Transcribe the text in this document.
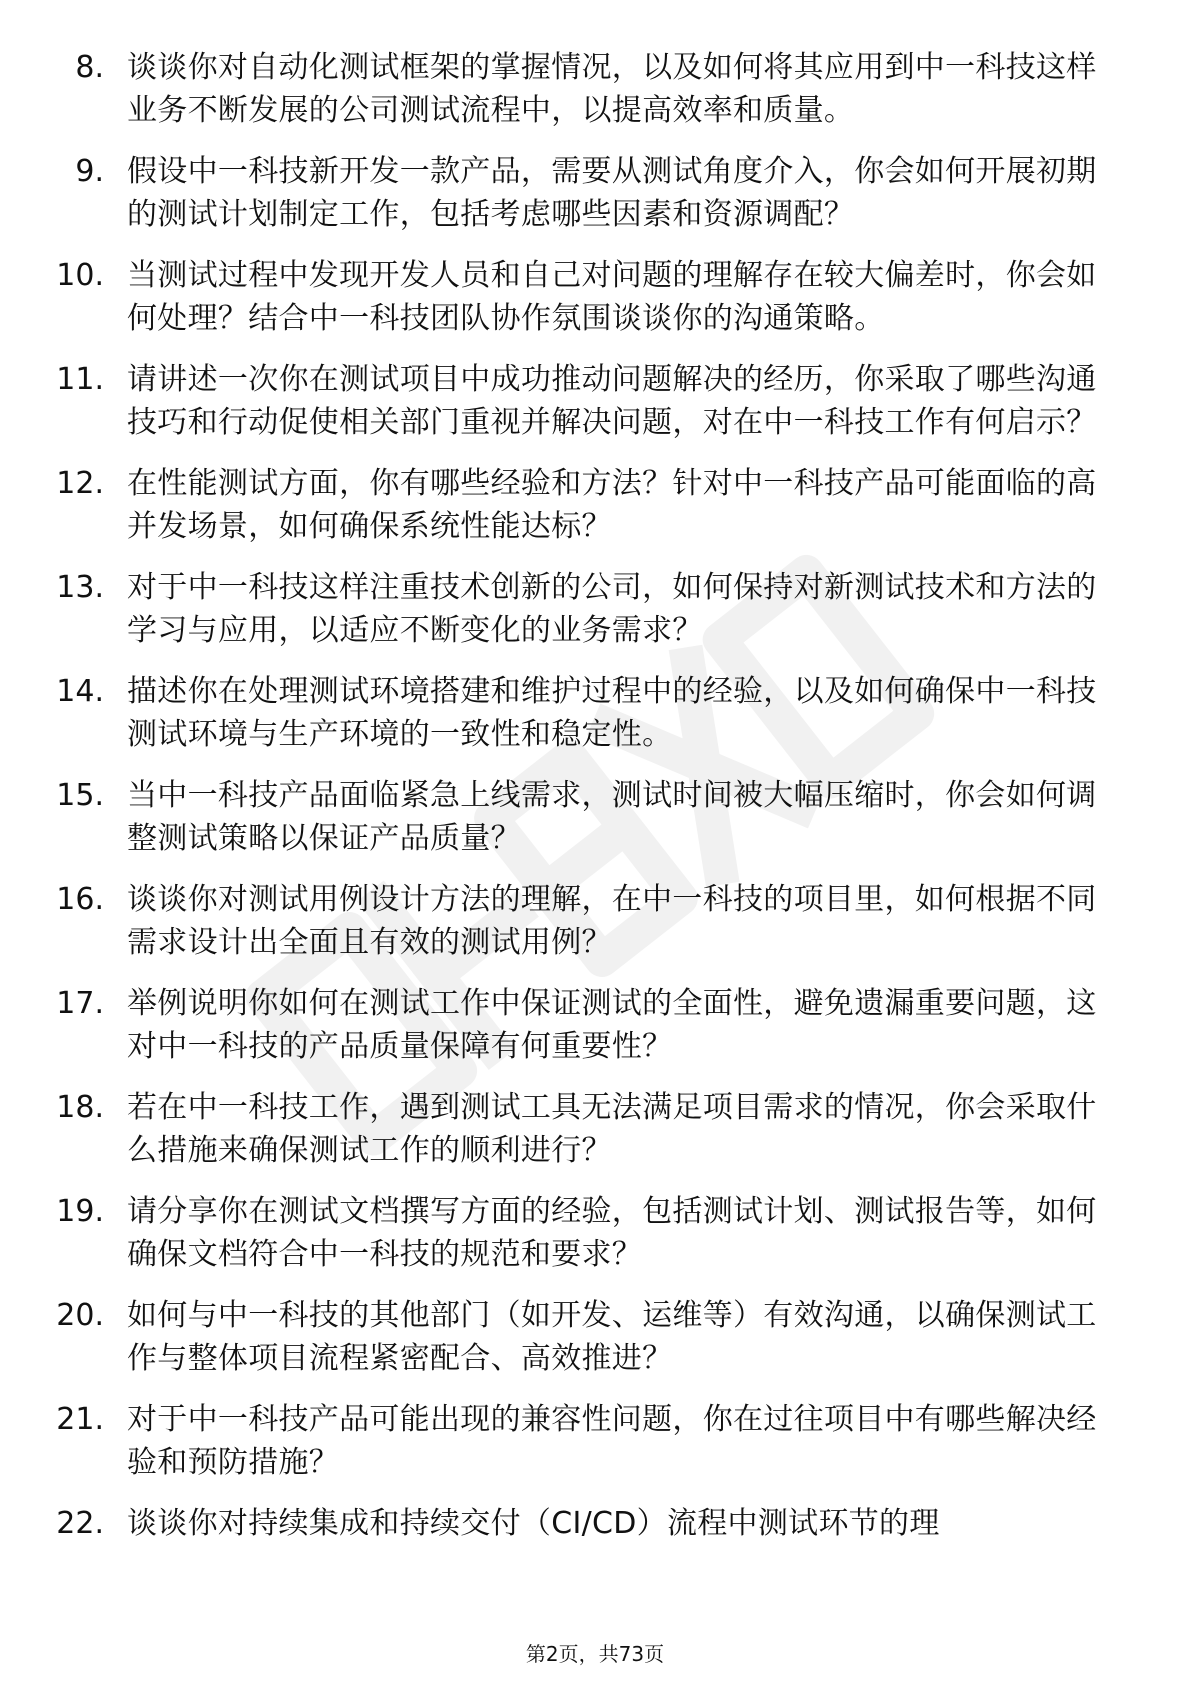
8. 谈谈你对自动化测试框架的掌握情况，以及如何将其应用到中一科技这样业务不断发展的公司测试流程中，以提高效率和质量。
9. 假设中一科技新开发一款产品，需要从测试角度介入，你会如何开展初期的测试计划制定工作，包括考虑哪些因素和资源调配？
10. 当测试过程中发现开发人员和自己对问题的理解存在较大偏差时，你会如何处理？结合中一科技团队协作氛围谈谈你的沟通策略。
11. 请讲述一次你在测试项目中成功推动问题解决的经历，你采取了哪些沟通技巧和行动促使相关部门重视并解决问题，对在中一科技工作有何启示？
12. 在性能测试方面，你有哪些经验和方法？针对中一科技产品可能面临的高并发场景，如何确保系统性能达标？
13. 对于中一科技这样注重技术创新的公司，如何保持对新测试技术和方法的学习与应用，以适应不断变化的业务需求？
14. 描述你在处理测试环境搭建和维护过程中的经验，以及如何确保中一科技测试环境与生产环境的一致性和稳定性。
15. 当中一科技产品面临紧急上线需求，测试时间被大幅压缩时，你会如何调整测试策略以保证产品质量？
16. 谈谈你对测试用例设计方法的理解，在中一科技的项目里，如何根据不同需求设计出全面且有效的测试用例？
17. 举例说明你如何在测试工作中保证测试的全面性，避免遗漏重要问题，这对中一科技的产品质量保障有何重要性？
18. 若在中一科技工作，遇到测试工具无法满足项目需求的情况，你会采取什么措施来确保测试工作的顺利进行？
19. 请分享你在测试文档撰写方面的经验，包括测试计划、测试报告等，如何确保文档符合中一科技的规范和要求？
20. 如何与中一科技的其他部门（如开发、运维等）有效沟通，以确保测试工作与整体项目流程紧密配合、高效推进？
21. 对于中一科技产品可能出现的兼容性问题，你在过往项目中有哪些解决经验和预防措施？
22. 谈谈你对持续集成和持续交付（CI/CD）流程中测试环节的理
第2页，共73页
